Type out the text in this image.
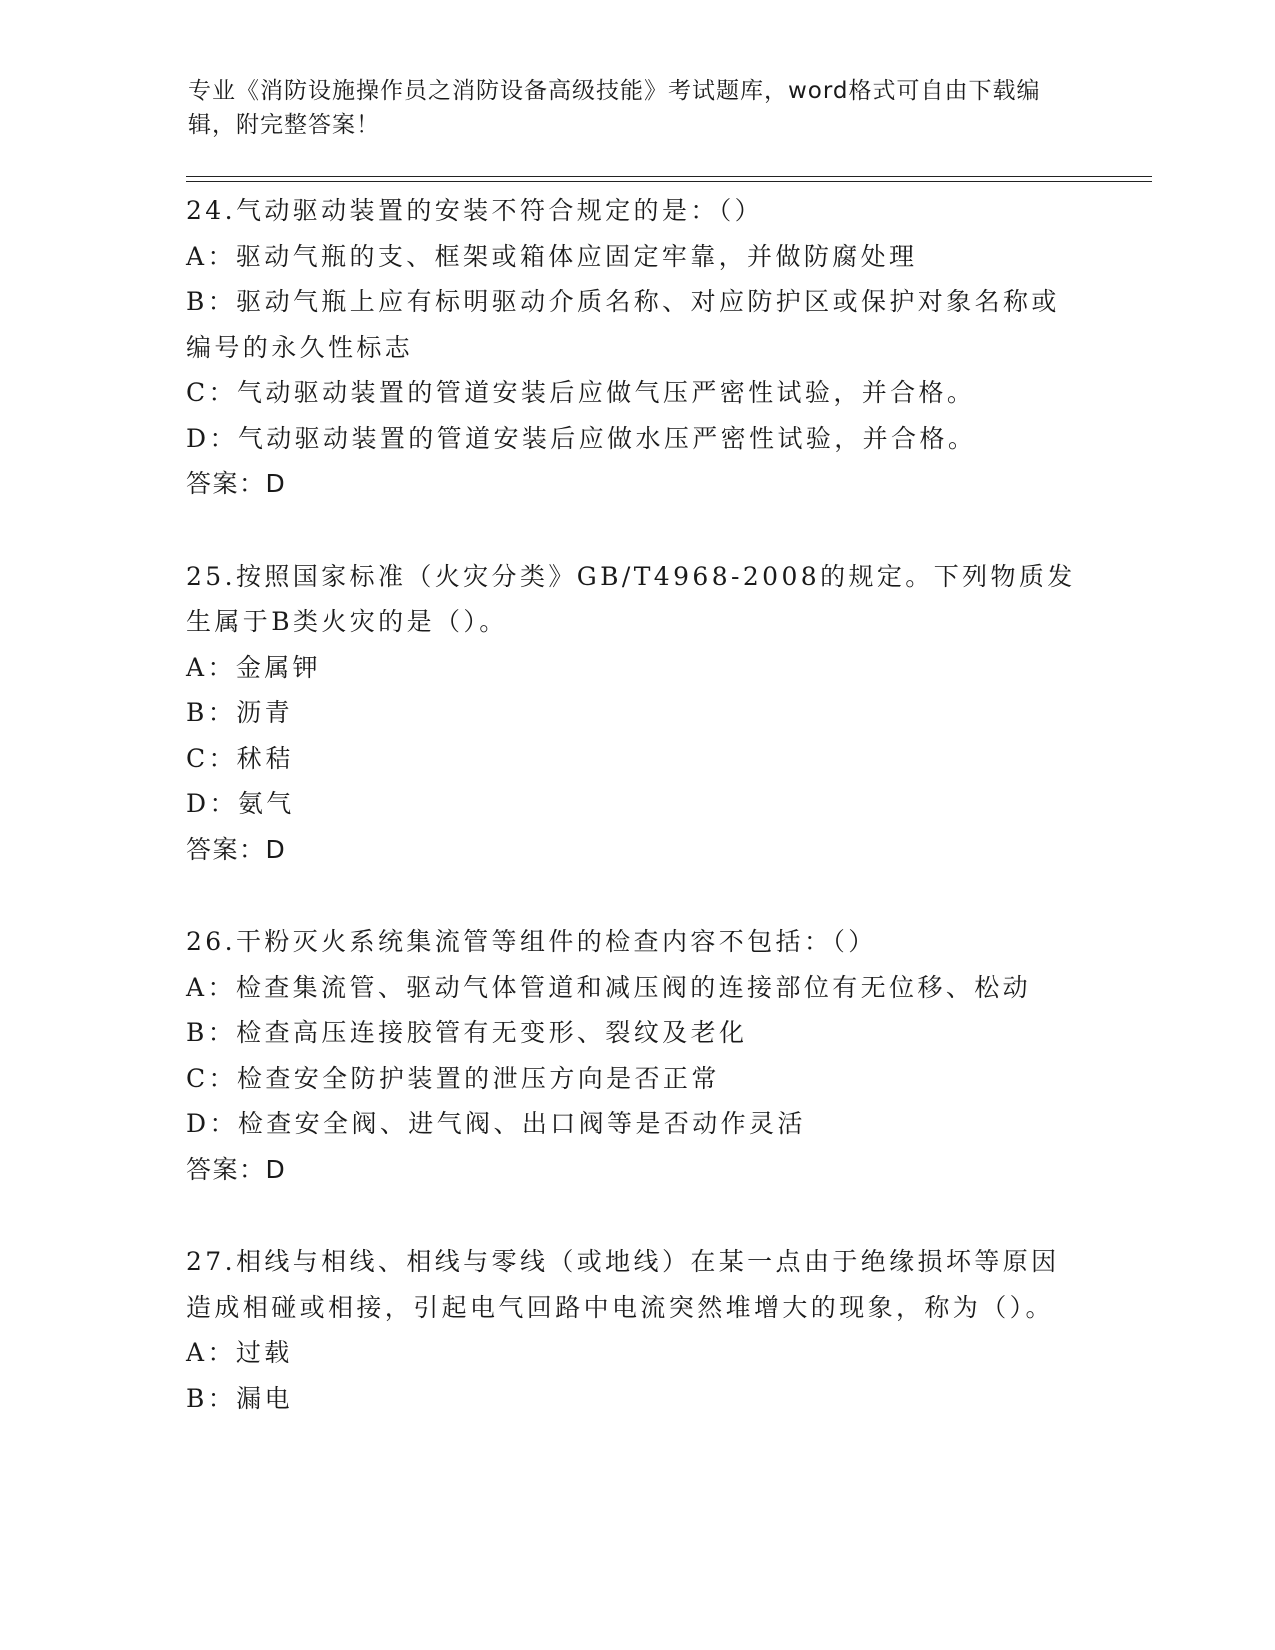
专业《消防设施操作员之消防设备高级技能》考试题库，word格式可自由下载编辑，附完整答案！
24.气动驱动装置的安装不符合规定的是：（）
A：驱动气瓶的支、框架或箱体应固定牢靠，并做防腐处理
B：驱动气瓶上应有标明驱动介质名称、对应防护区或保护对象名称或编号的永久性标志
C：气动驱动装置的管道安装后应做气压严密性试验，并合格。
D：气动驱动装置的管道安装后应做水压严密性试验，并合格。
答案：D
25.按照国家标准（火灾分类》GB/T4968-2008的规定。下列物质发生属于B类火灾的是（）。
A：金属钾
B：沥青
C：秫秸
D：氨气
答案：D
26.干粉灭火系统集流管等组件的检查内容不包括：（）
A：检查集流管、驱动气体管道和减压阀的连接部位有无位移、松动
B：检查高压连接胶管有无变形、裂纹及老化
C：检查安全防护装置的泄压方向是否正常
D：检查安全阀、进气阀、出口阀等是否动作灵活
答案：D
27.相线与相线、相线与零线（或地线）在某一点由于绝缘损坏等原因造成相碰或相接，引起电气回路中电流突然堆增大的现象，称为（）。
A：过载
B：漏电
